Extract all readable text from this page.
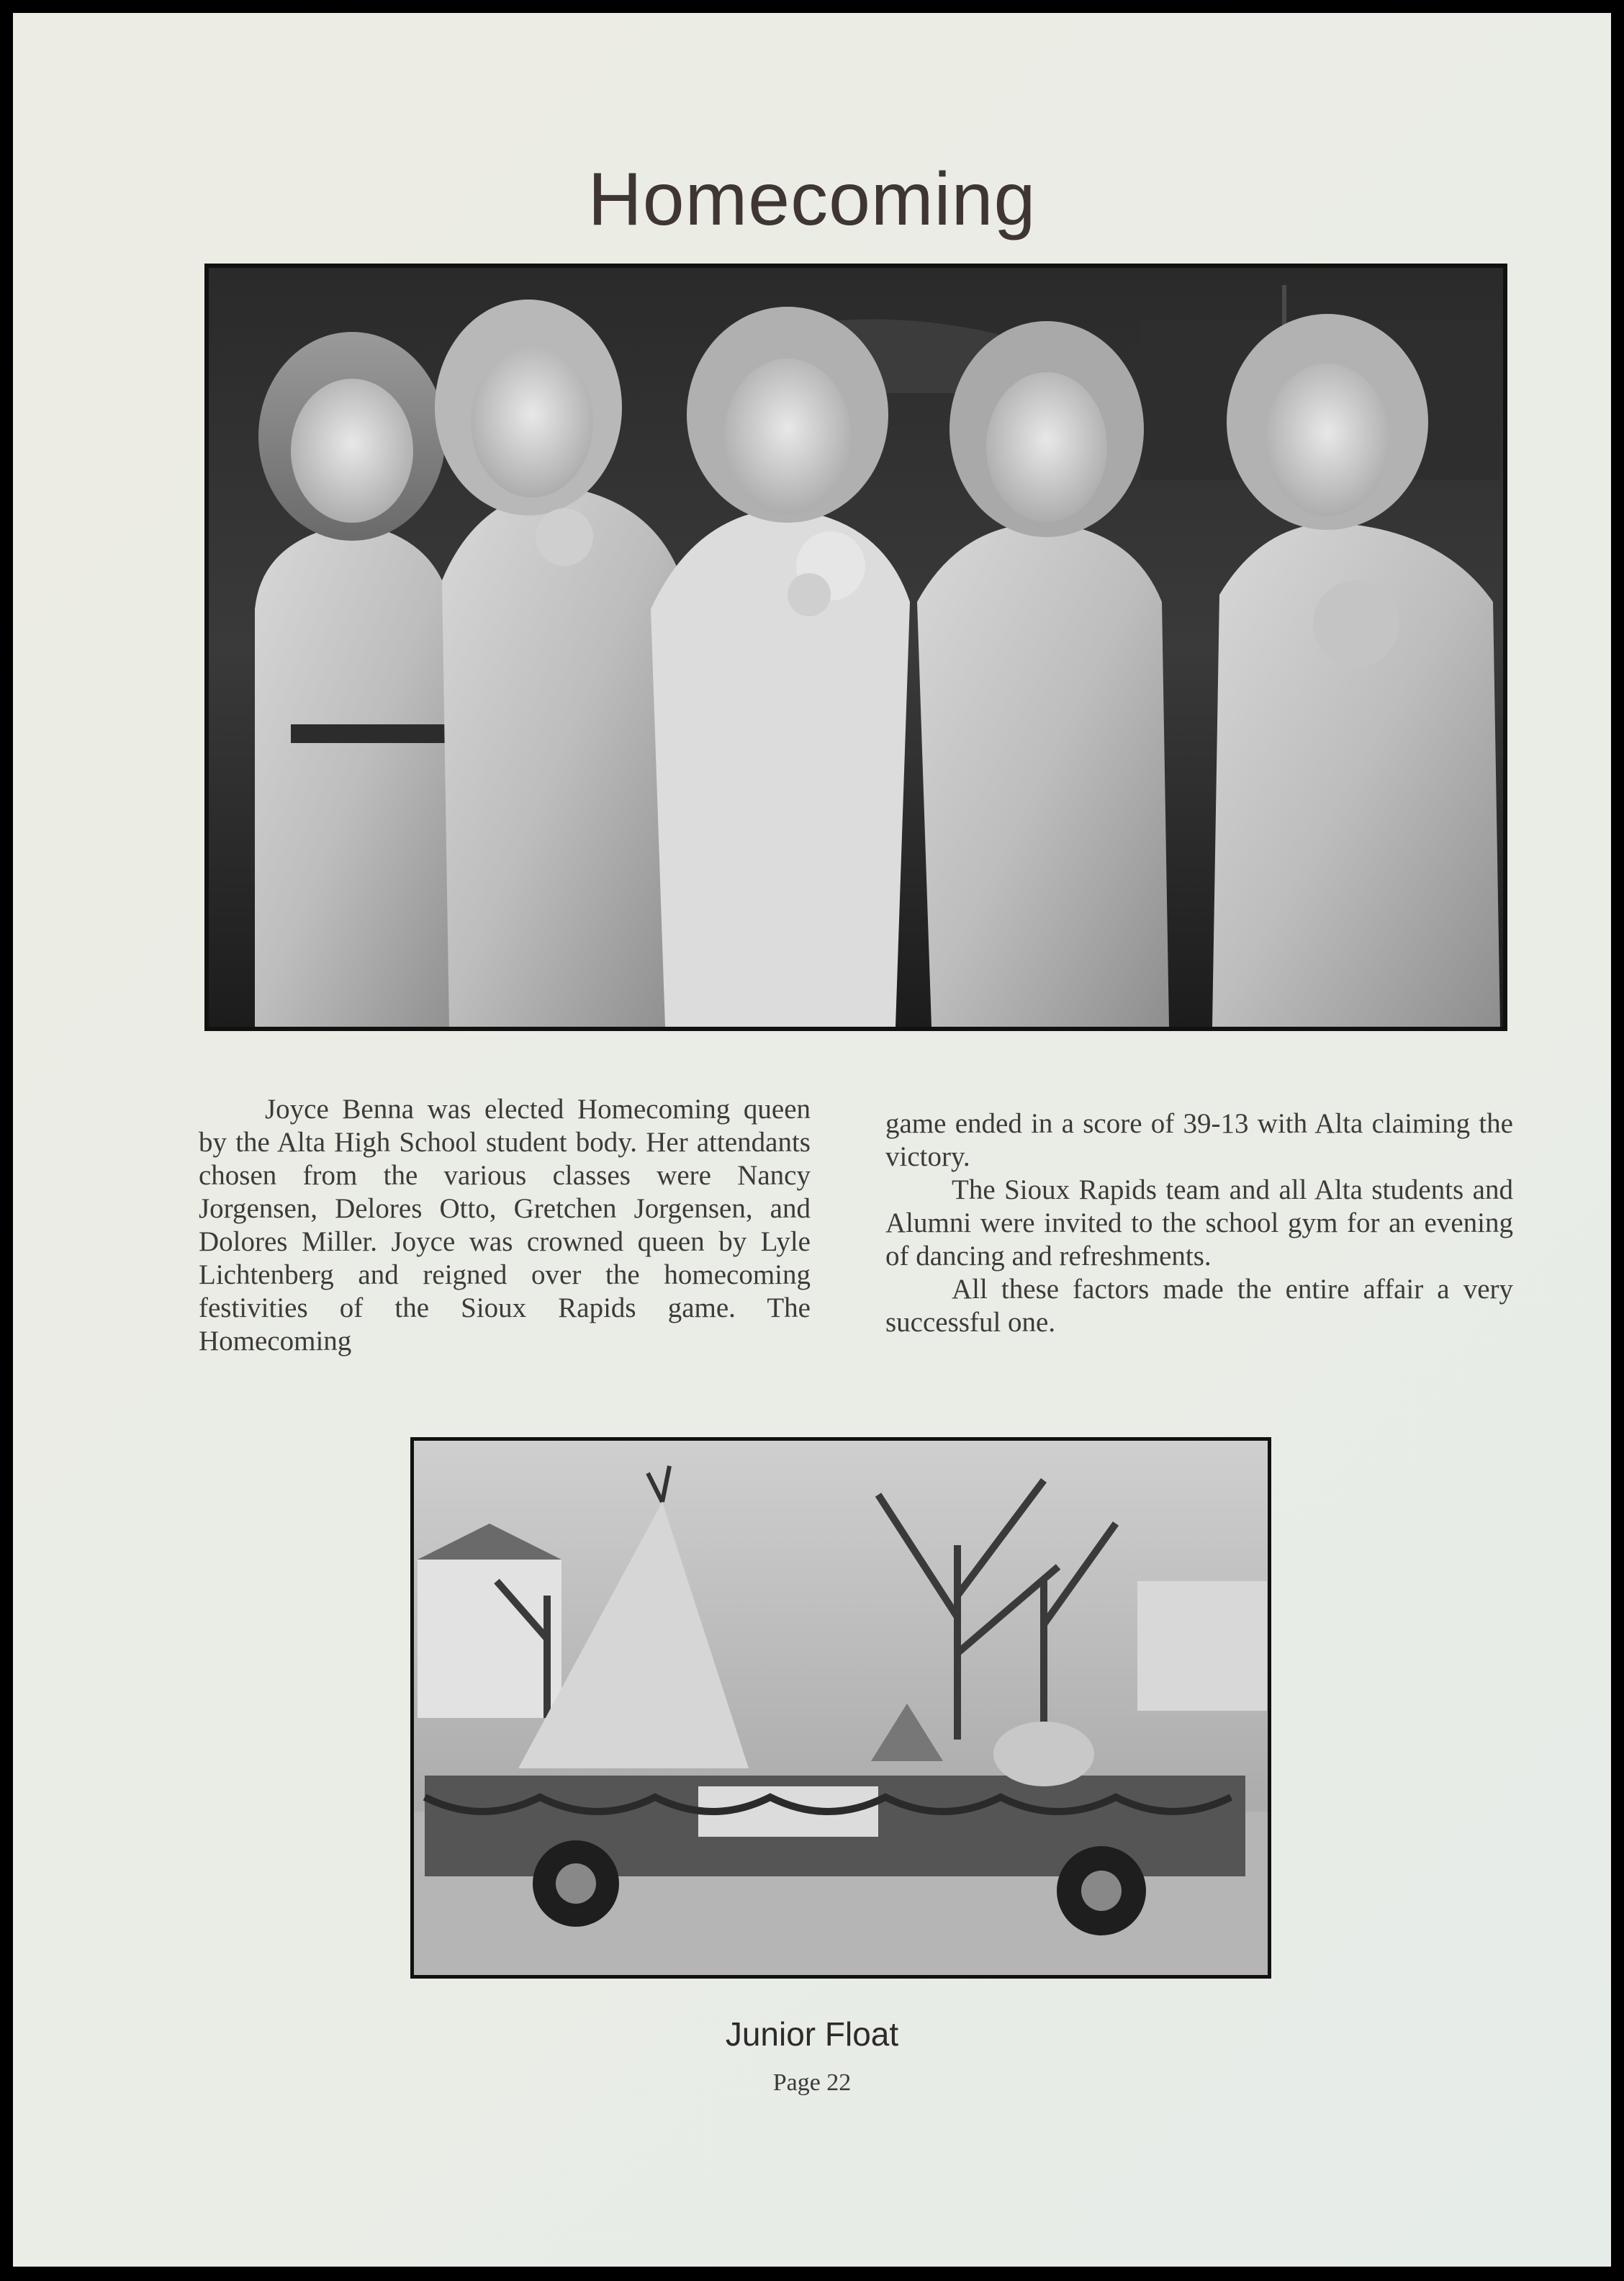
Homecoming

Joyce Benna was elected Homecoming queen by the Alta High School student body. Her attendants chosen from the various classes were Nancy Jorgensen, Delores Otto, Gretchen Jorgensen, and Dolores Miller. Joyce was crowned queen by Lyle Lichtenberg and reigned over the homecoming festivities of the Sioux Rapids game. The Homecoming

game ended in a score of 39-13 with Alta claiming the victory.

The Sioux Rapids team and all Alta students and Alumni were invited to the school gym for an evening of dancing and refreshments.

All these factors made the entire affair a very successful one.

Junior Float
Page 22
